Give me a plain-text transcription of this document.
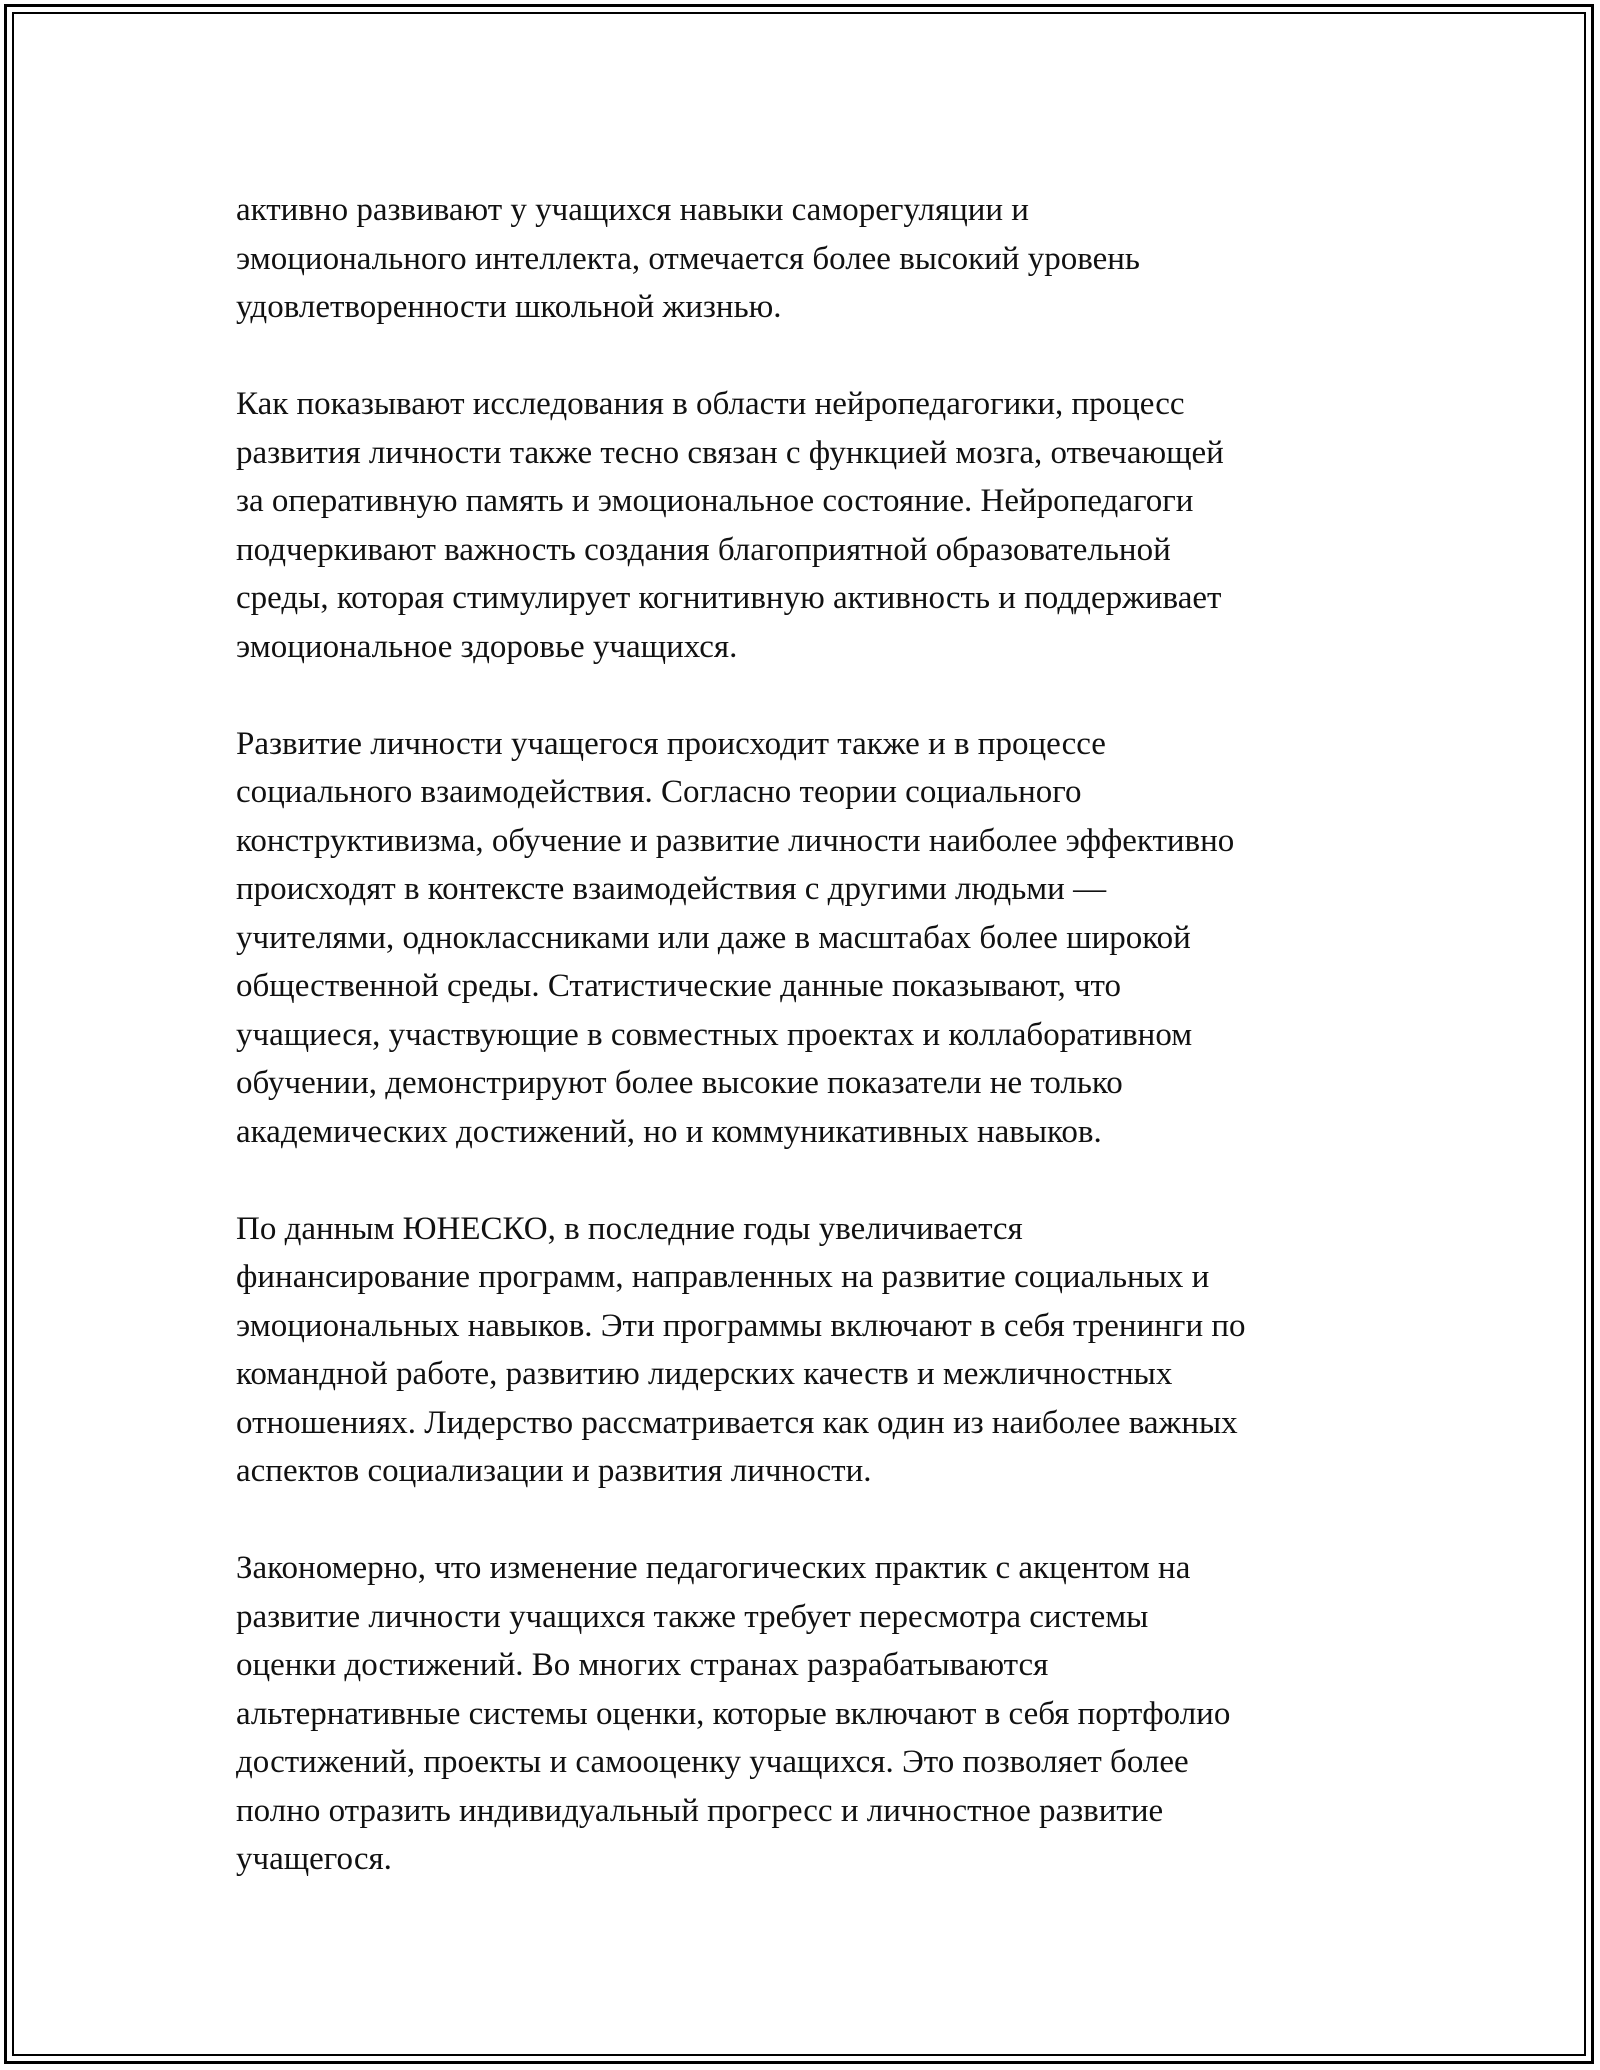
активно развивают у учащихся навыки саморегуляции и
эмоционального интеллекта, отмечается более высокий уровень
удовлетворенности школьной жизнью.

Как показывают исследования в области нейропедагогики, процесс
развития личности также тесно связан с функцией мозга, отвечающей
за оперативную память и эмоциональное состояние. Нейропедагоги
подчеркивают важность создания благоприятной образовательной
среды, которая стимулирует когнитивную активность и поддерживает
эмоциональное здоровье учащихся.

Развитие личности учащегося происходит также и в процессе
социального взаимодействия. Согласно теории социального
конструктивизма, обучение и развитие личности наиболее эффективно
происходят в контексте взаимодействия с другими людьми —
учителями, одноклассниками или даже в масштабах более широкой
общественной среды. Статистические данные показывают, что
учащиеся, участвующие в совместных проектах и коллаборативном
обучении, демонстрируют более высокие показатели не только
академических достижений, но и коммуникативных навыков.

По данным ЮНЕСКО, в последние годы увеличивается
финансирование программ, направленных на развитие социальных и
эмоциональных навыков. Эти программы включают в себя тренинги по
командной работе, развитию лидерских качеств и межличностных
отношениях. Лидерство рассматривается как один из наиболее важных
аспектов социализации и развития личности.

Закономерно, что изменение педагогических практик с акцентом на
развитие личности учащихся также требует пересмотра системы
оценки достижений. Во многих странах разрабатываются
альтернативные системы оценки, которые включают в себя портфолио
достижений, проекты и самооценку учащихся. Это позволяет более
полно отразить индивидуальный прогресс и личностное развитие
учащегося.
